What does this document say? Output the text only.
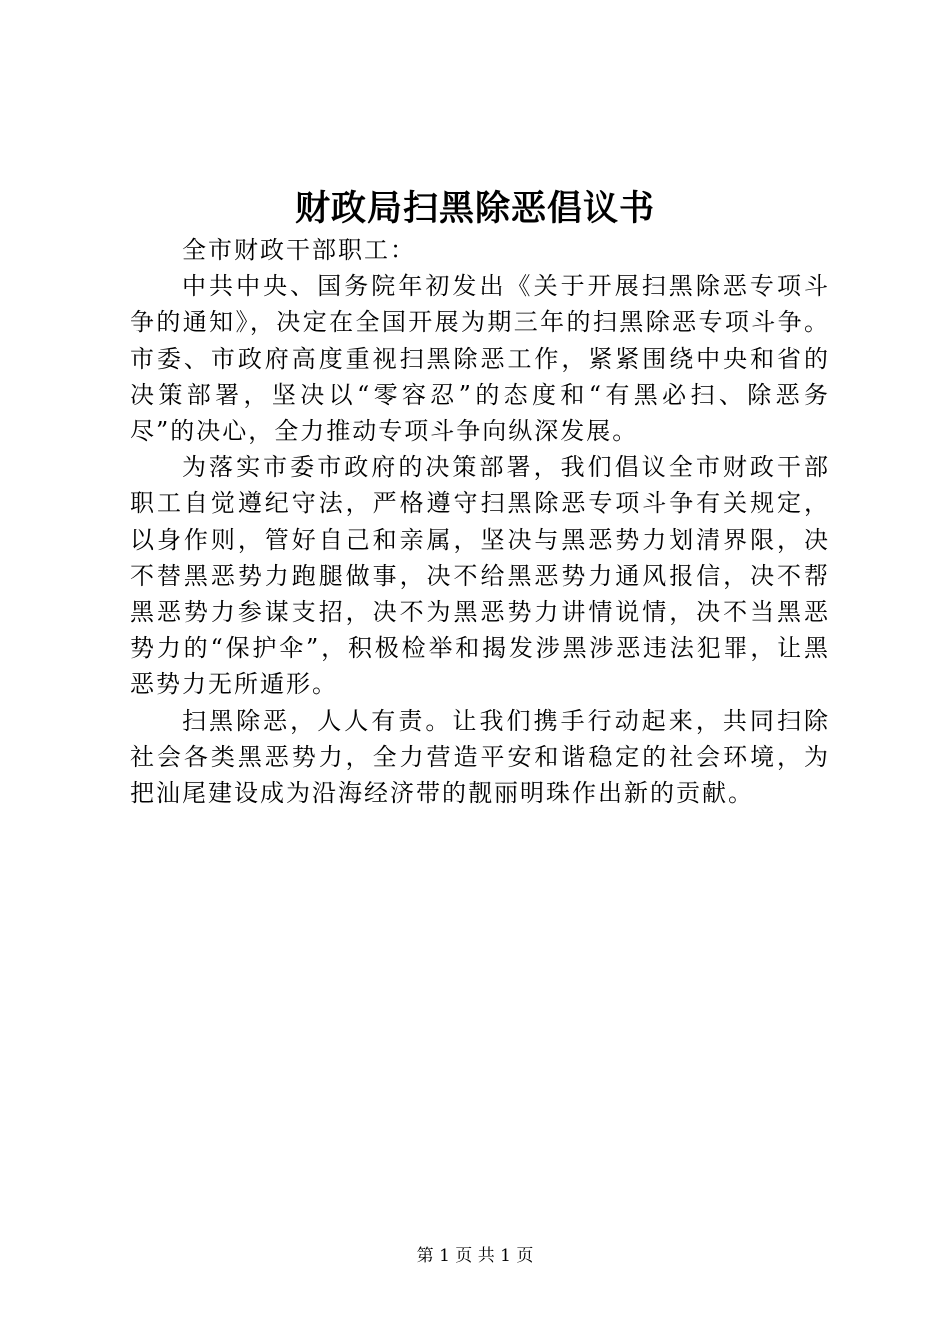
财政局扫黑除恶倡议书

全市财政干部职工：

中共中央、国务院年初发出《关于开展扫黑除恶专项斗争的通知》，决定在全国开展为期三年的扫黑除恶专项斗争。市委、市政府高度重视扫黑除恶工作，紧紧围绕中央和省的决策部署，坚决以“零容忍”的态度和“有黑必扫、除恶务尽”的决心，全力推动专项斗争向纵深发展。

为落实市委市政府的决策部署，我们倡议全市财政干部职工自觉遵纪守法，严格遵守扫黑除恶专项斗争有关规定，以身作则，管好自己和亲属，坚决与黑恶势力划清界限，决不替黑恶势力跑腿做事，决不给黑恶势力通风报信，决不帮黑恶势力参谋支招，决不为黑恶势力讲情说情，决不当黑恶势力的“保护伞”，积极检举和揭发涉黑涉恶违法犯罪，让黑恶势力无所遁形。

扫黑除恶，人人有责。让我们携手行动起来，共同扫除社会各类黑恶势力，全力营造平安和谐稳定的社会环境，为把汕尾建设成为沿海经济带的靓丽明珠作出新的贡献。

第 1 页 共 1 页
